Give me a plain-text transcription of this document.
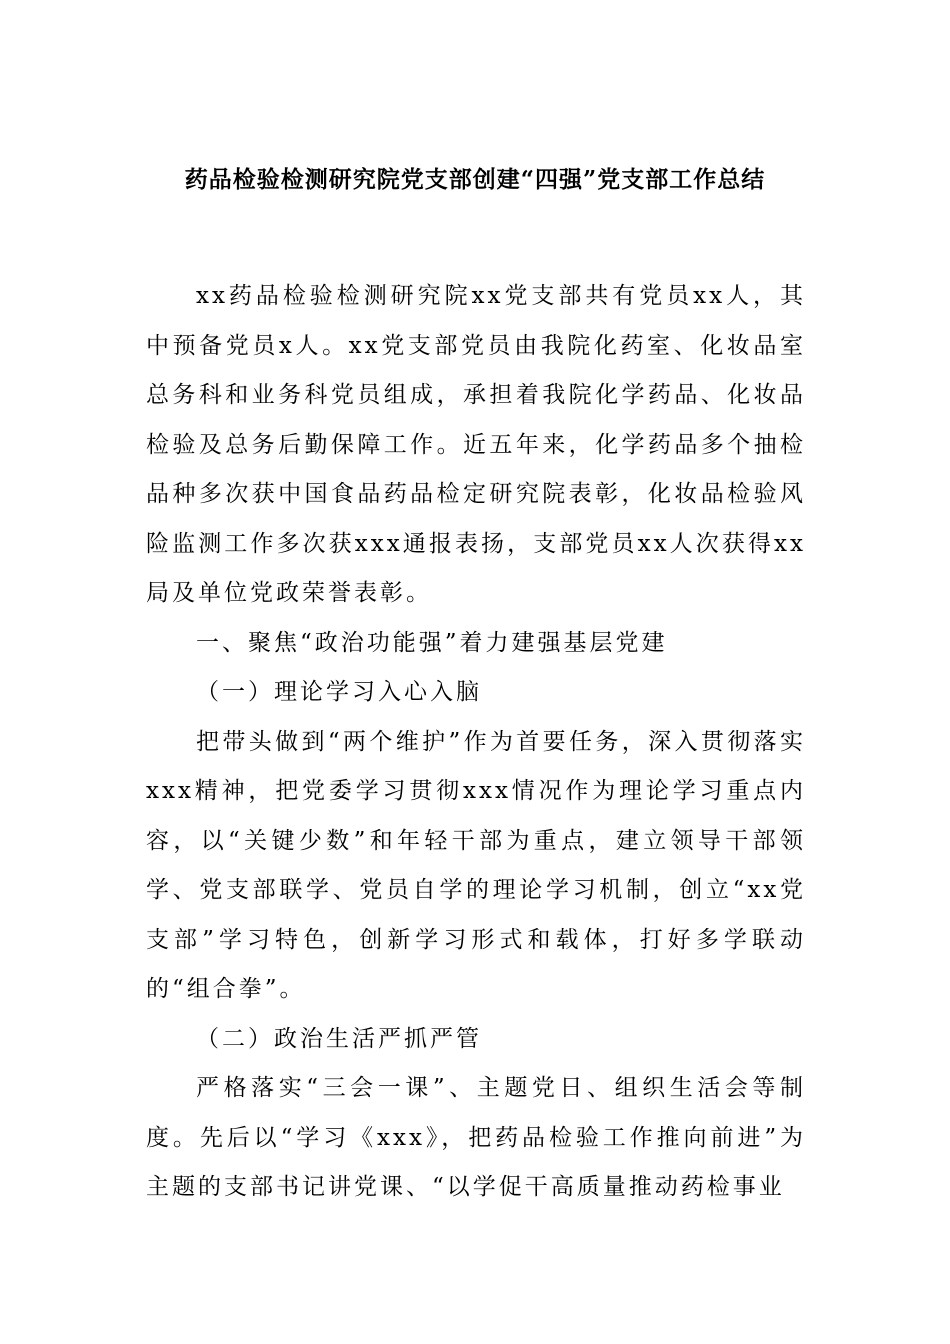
药品检验检测研究院党支部创建“四强”党支部工作总结

xx药品检验检测研究院xx党支部共有党员xx人，其中预备党员x人。xx党支部党员由我院化药室、化妆品室总务科和业务科党员组成，承担着我院化学药品、化妆品检验及总务后勤保障工作。近五年来，化学药品多个抽检品种多次获中国食品药品检定研究院表彰，化妆品检验风险监测工作多次获xxx通报表扬，支部党员xx人次获得xx局及单位党政荣誉表彰。

一、聚焦“政治功能强”着力建强基层党建

（一）理论学习入心入脑

把带头做到“两个维护”作为首要任务，深入贯彻落实xxx精神，把党委学习贯彻xxx情况作为理论学习重点内容，以“关键少数”和年轻干部为重点，建立领导干部领学、党支部联学、党员自学的理论学习机制，创立“xx党支部”学习特色，创新学习形式和载体，打好多学联动的“组合拳”。

（二）政治生活严抓严管

严格落实“三会一课”、主题党日、组织生活会等制度。先后以“学习《xxx》，把药品检验工作推向前进”为主题的支部书记讲党课、“以学促干高质量推动药检事业
